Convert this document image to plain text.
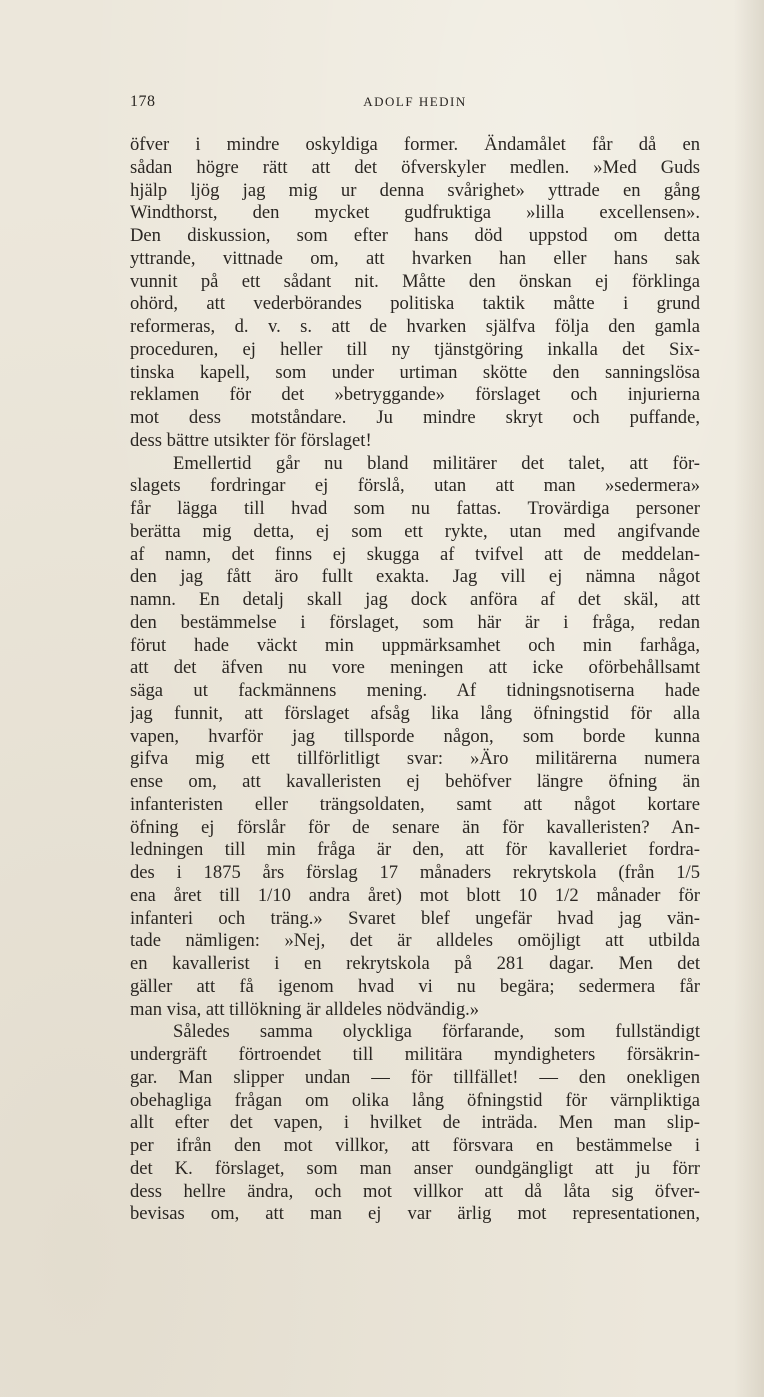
178	ADOLF HEDIN
öfver i mindre oskyldiga former. Ändamålet får då en
sådan högre rätt att det öfverskyler medlen. »Med Guds
hjälp ljög jag mig ur denna svårighet» yttrade en gång
Windthorst, den mycket gudfruktiga »lilla excellensen».
Den diskussion, som efter hans död uppstod om detta
yttrande, vittnade om, att hvarken han eller hans sak
vunnit på ett sådant nit. Måtte den önskan ej förklinga
ohörd, att vederbörandes politiska taktik måtte i grund
reformeras, d. v. s. att de hvarken själfva följa den gamla
proceduren, ej heller till ny tjänstgöring inkalla det Six-
tinska kapell, som under urtiman skötte den sanningslösa
reklamen för det »betryggande» förslaget och injurierna
mot dess motståndare. Ju mindre skryt och puffande,
dess bättre utsikter för förslaget!
Emellertid går nu bland militärer det talet, att för-
slagets fordringar ej förslå, utan att man »sedermera»
får lägga till hvad som nu fattas. Trovärdiga personer
berätta mig detta, ej som ett rykte, utan med angifvande
af namn, det finns ej skugga af tvifvel att de meddelan-
den jag fått äro fullt exakta. Jag vill ej nämna något
namn. En detalj skall jag dock anföra af det skäl, att
den bestämmelse i förslaget, som här är i fråga, redan
förut hade väckt min uppmärksamhet och min farhåga,
att det äfven nu vore meningen att icke oförbehållsamt
säga ut fackmännens mening. Af tidningsnotiserna hade
jag funnit, att förslaget afsåg lika lång öfningstid för alla
vapen, hvarför jag tillsporde någon, som borde kunna
gifva mig ett tillförlitligt svar: »Äro militärerna numera
ense om, att kavalleristen ej behöfver längre öfning än
infanteristen eller trängsoldaten, samt att något kortare
öfning ej förslår för de senare än för kavalleristen? An-
ledningen till min fråga är den, att för kavalleriet fordra-
des i 1875 års förslag 17 månaders rekrytskola (från 1/5
ena året till 1/10 andra året) mot blott 10 1/2 månader för
infanteri och träng.» Svaret blef ungefär hvad jag vän-
tade nämligen: »Nej, det är alldeles omöjligt att utbilda
en kavallerist i en rekrytskola på 281 dagar. Men det
gäller att få igenom hvad vi nu begära; sedermera får
man visa, att tillökning är alldeles nödvändig.»
Således samma olyckliga förfarande, som fullständigt
undergräft förtroendet till militära myndigheters försäkrin-
gar. Man slipper undan — för tillfället! — den onekligen
obehagliga frågan om olika lång öfningstid för värnpliktiga
allt efter det vapen, i hvilket de inträda. Men man slip-
per ifrån den mot villkor, att försvara en bestämmelse i
det K. förslaget, som man anser oundgängligt att ju förr
dess hellre ändra, och mot villkor att då låta sig öfver-
bevisas om, att man ej var ärlig mot representationen,
